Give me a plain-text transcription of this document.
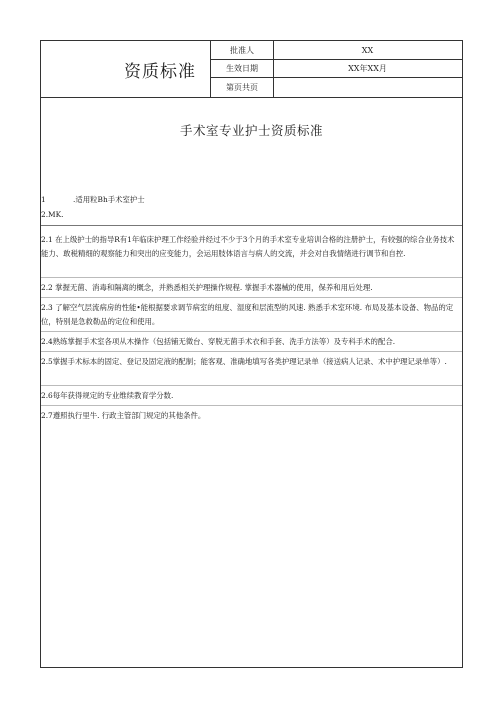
资质标准
批准人	XX
生效日期	XX年XX月
第页共页
手术室专业护士资质标准
1	.适用粒Bh手术室护士
2.MK.
2.1 在上级护士的指导R有1年临床护理工作经验并经过不少于3个月的手术室专业培训合格的注册护士，有较强的综合业务技术能力、敢税精细的观察能力和突出的应变能力，会运用肢体语言与病人的交流，并会对自我情绪进行调节和自控.
2.2 掌握无菌、消毒和隔离的概念，并熟悉相关护理操作规程. 掌握手术器械的使用，保养和用后处理.
2.3 了解空气层流病房的性能•能根据要求调节病室的纽度、湿度和层流型的风速. 熟悉手术室环境. 布局及基本设备、物品的定位，特别是急救勒品的定位和使用。
2.4熟练掌握手术室各项从木操作（包括铺无徵台、穿脱无菌手术衣和手套、洗手方法等）及专科手术的配合.
2.5掌握手术标本的固定、登记及固定液的配制；能客观、准确地填写各类护理记录单（接送病人记录、术中护理记录单等）.
2.6每年获得规定的专业维续教育学分数.
2.7遵照执行里牛. 行政主管部门规定的其他条件。
